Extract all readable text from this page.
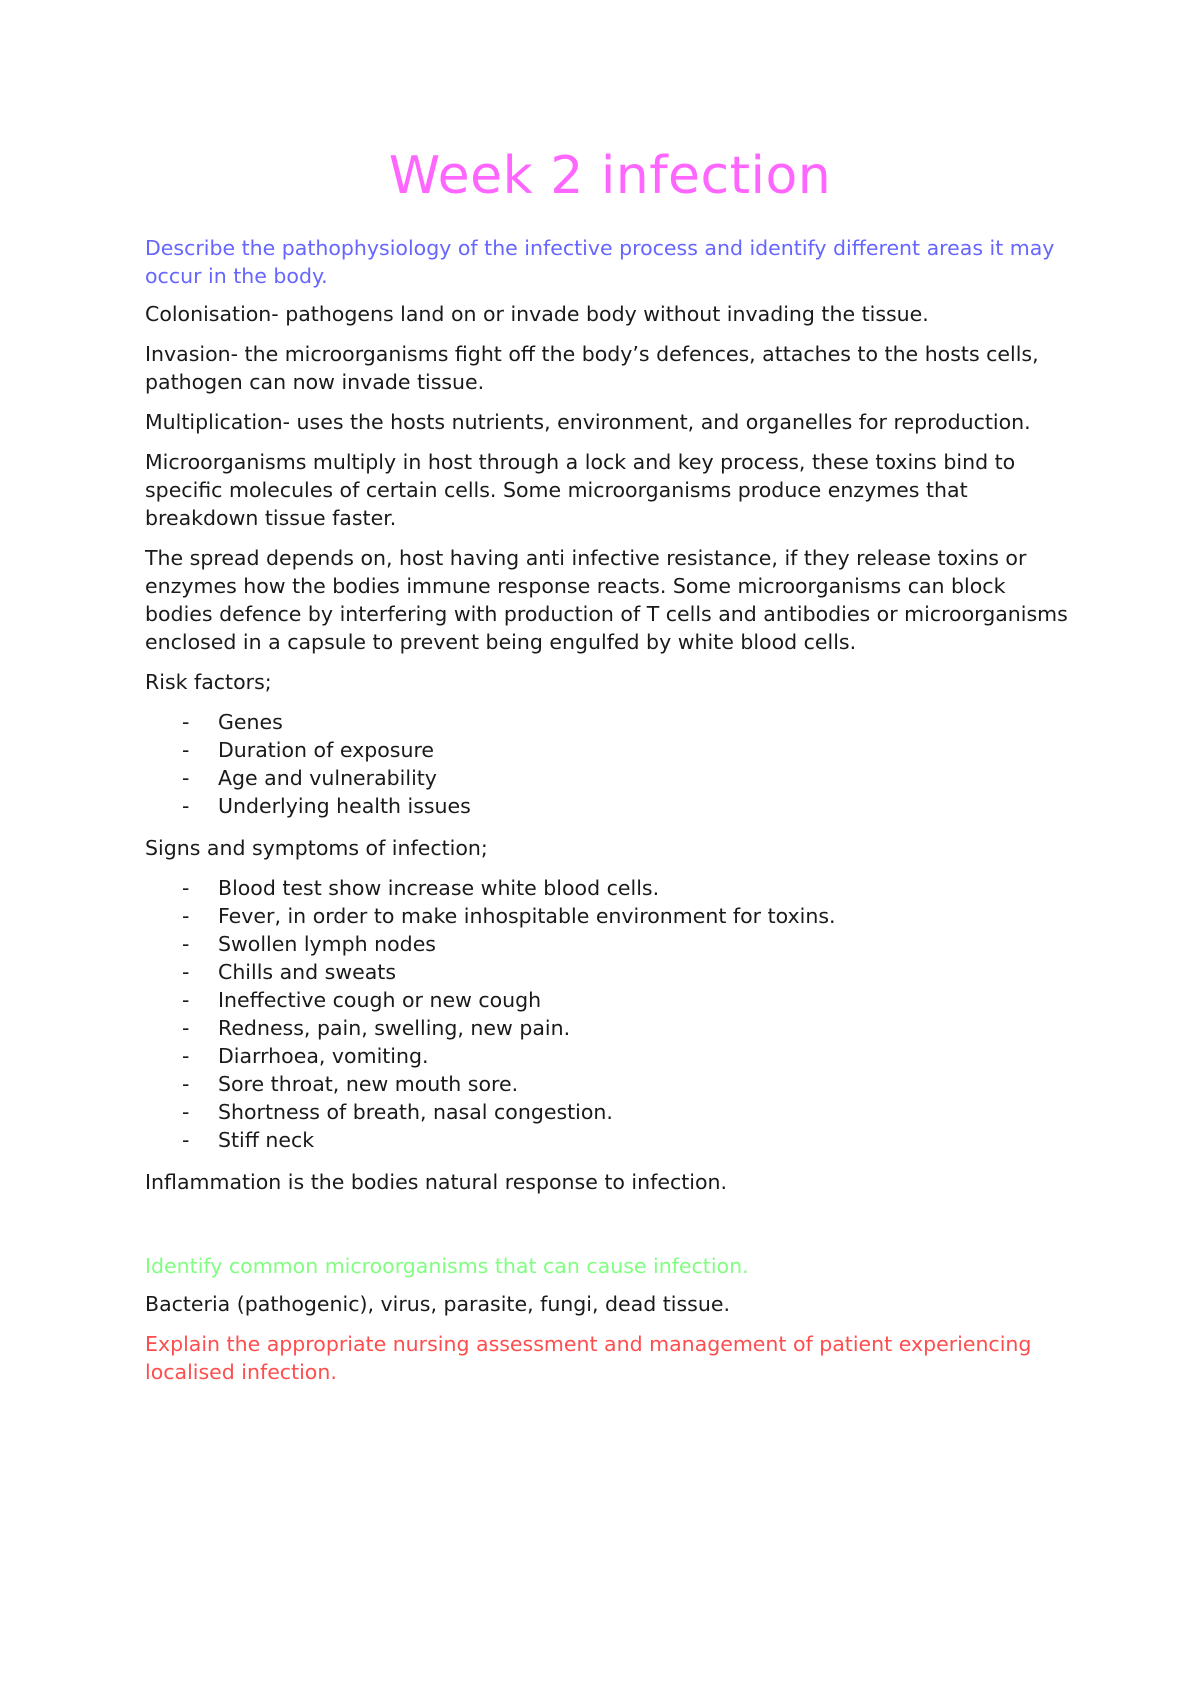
Week 2 infection

Describe the pathophysiology of the infective process and identify different areas it may occur in the body.

Colonisation- pathogens land on or invade body without invading the tissue.

Invasion- the microorganisms fight off the body’s defences, attaches to the hosts cells, pathogen can now invade tissue.

Multiplication- uses the hosts nutrients, environment, and organelles for reproduction.

Microorganisms multiply in host through a lock and key process, these toxins bind to specific molecules of certain cells. Some microorganisms produce enzymes that breakdown tissue faster.

The spread depends on, host having anti infective resistance, if they release toxins or enzymes how the bodies immune response reacts. Some microorganisms can block bodies defence by interfering with production of T cells and antibodies or microorganisms enclosed in a capsule to prevent being engulfed by white blood cells.

Risk factors;

- Genes
- Duration of exposure
- Age and vulnerability
- Underlying health issues

Signs and symptoms of infection;

- Blood test show increase white blood cells.
- Fever, in order to make inhospitable environment for toxins.
- Swollen lymph nodes
- Chills and sweats
- Ineffective cough or new cough
- Redness, pain, swelling, new pain.
- Diarrhoea, vomiting.
- Sore throat, new mouth sore.
- Shortness of breath, nasal congestion.
- Stiff neck

Inflammation is the bodies natural response to infection.

Identify common microorganisms that can cause infection.

Bacteria (pathogenic), virus, parasite, fungi, dead tissue.

Explain the appropriate nursing assessment and management of patient experiencing localised infection.
